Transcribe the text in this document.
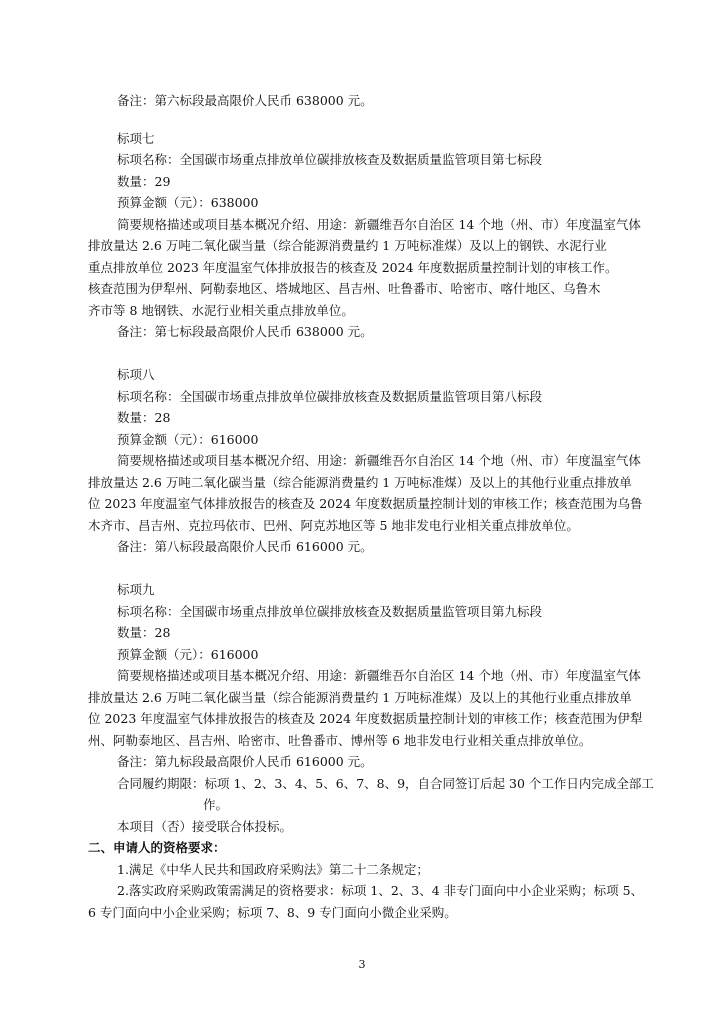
备注：第六标段最高限价人民币 638000 元。
标项七
标项名称：全国碳市场重点排放单位碳排放核查及数据质量监管项目第七标段
数量：29
预算金额（元）：638000
简要规格描述或项目基本概况介绍、用途：新疆维吾尔自治区 14 个地（州、市）年度温室气体
排放量达 2.6 万吨二氧化碳当量（综合能源消费量约 1 万吨标准煤）及以上的钢铁、水泥行业
重点排放单位 2023 年度温室气体排放报告的核查及 2024 年度数据质量控制计划的审核工作。
核查范围为伊犁州、阿勒泰地区、塔城地区、昌吉州、吐鲁番市、哈密市、喀什地区、乌鲁木
齐市等 8 地钢铁、水泥行业相关重点排放单位。
备注：第七标段最高限价人民币 638000 元。
标项八
标项名称：全国碳市场重点排放单位碳排放核查及数据质量监管项目第八标段
数量：28
预算金额（元）：616000
简要规格描述或项目基本概况介绍、用途：新疆维吾尔自治区 14 个地（州、市）年度温室气体
排放量达 2.6 万吨二氧化碳当量（综合能源消费量约 1 万吨标准煤）及以上的其他行业重点排放单
位 2023 年度温室气体排放报告的核查及 2024 年度数据质量控制计划的审核工作；核查范围为乌鲁
木齐市、昌吉州、克拉玛依市、巴州、阿克苏地区等 5 地非发电行业相关重点排放单位。
备注：第八标段最高限价人民币 616000 元。
标项九
标项名称：全国碳市场重点排放单位碳排放核查及数据质量监管项目第九标段
数量：28
预算金额（元）：616000
简要规格描述或项目基本概况介绍、用途：新疆维吾尔自治区 14 个地（州、市）年度温室气体
排放量达 2.6 万吨二氧化碳当量（综合能源消费量约 1 万吨标准煤）及以上的其他行业重点排放单
位 2023 年度温室气体排放报告的核查及 2024 年度数据质量控制计划的审核工作；核查范围为伊犁
州、阿勒泰地区、昌吉州、哈密市、吐鲁番市、博州等 6 地非发电行业相关重点排放单位。
备注：第九标段最高限价人民币 616000 元。
合同履约期限：标项 1、2、3、4、5、6、7、8、9，自合同签订后起 30 个工作日内完成全部工
作。
本项目（否）接受联合体投标。
二、申请人的资格要求：
1.满足《中华人民共和国政府采购法》第二十二条规定；
2.落实政府采购政策需满足的资格要求：标项 1、2、3、4 非专门面向中小企业采购；标项 5、
6 专门面向中小企业采购；标项 7、8、9 专门面向小微企业采购。
3
